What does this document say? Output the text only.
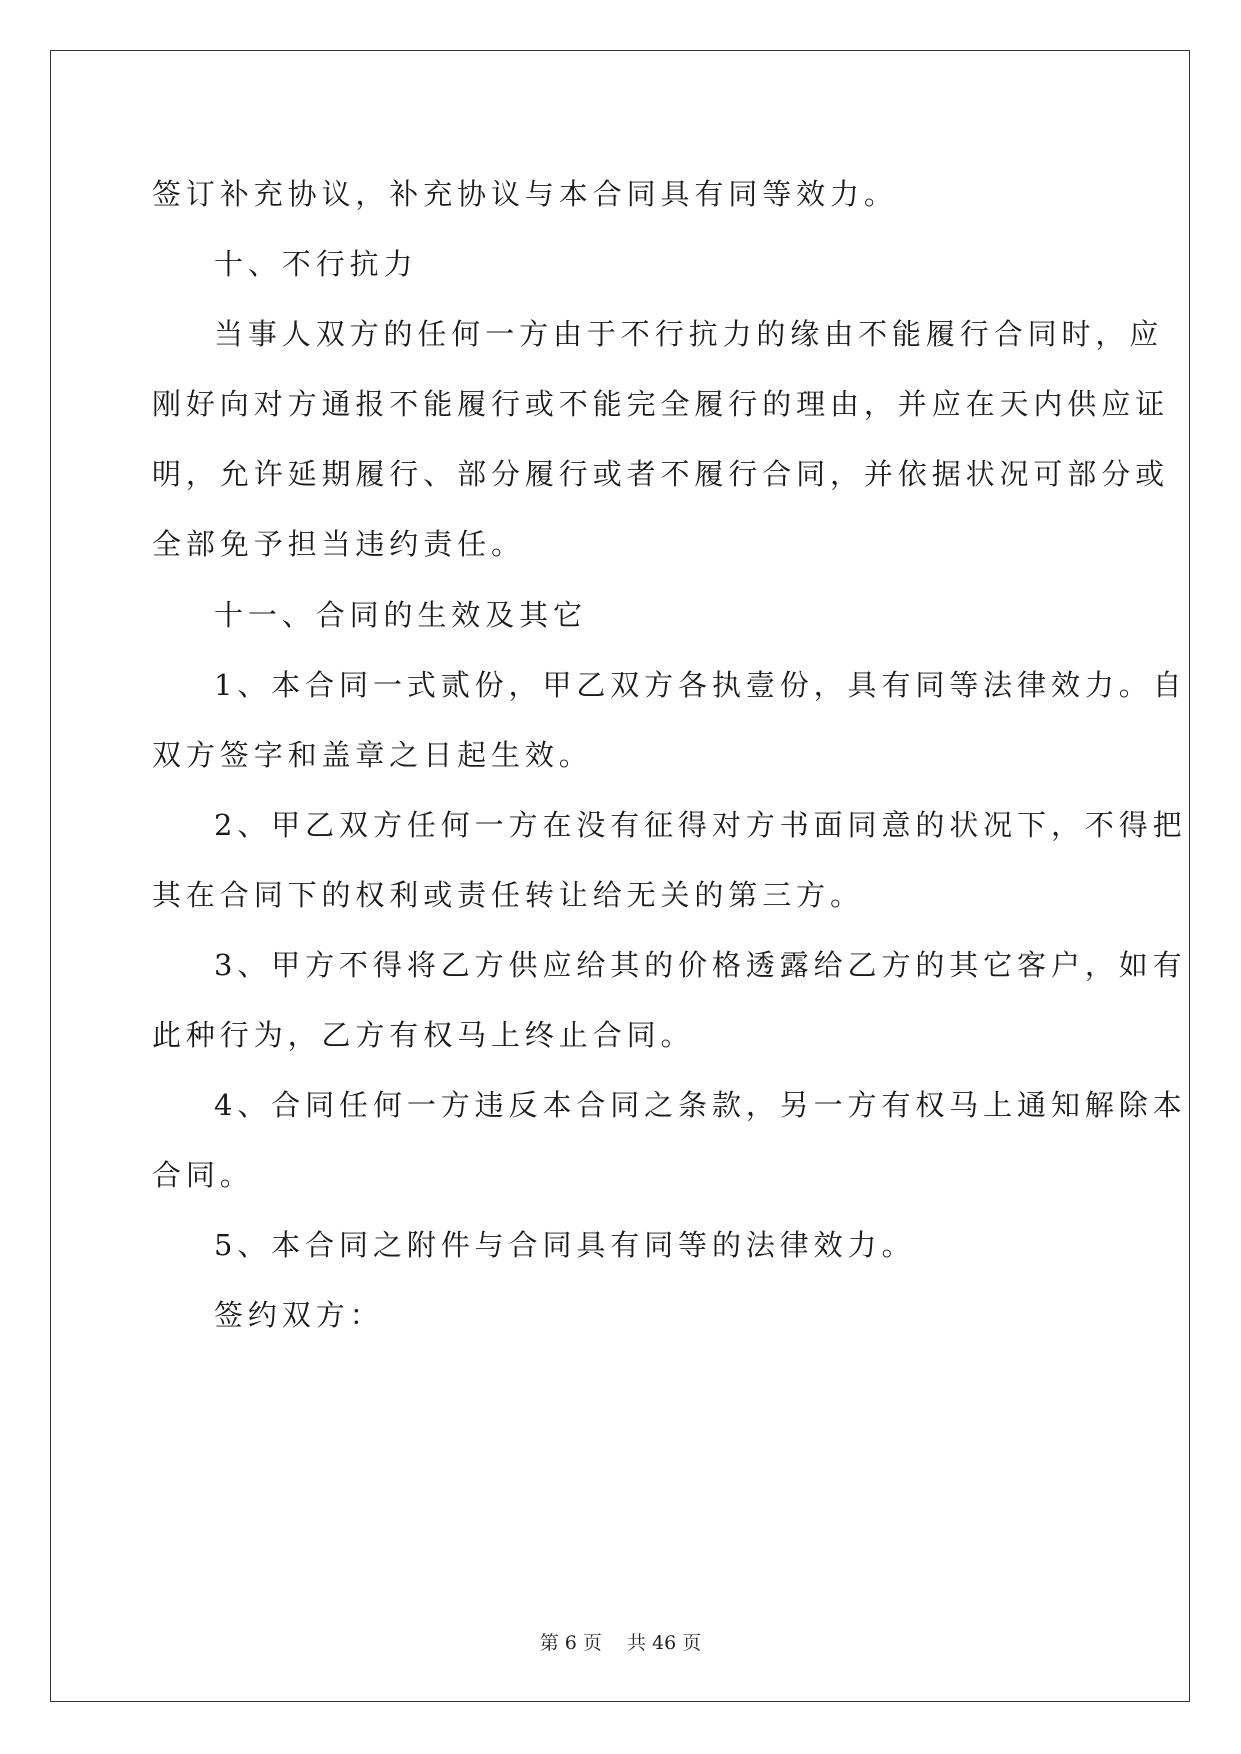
签订补充协议，补充协议与本合同具有同等效力。
十、不行抗力
当事人双方的任何一方由于不行抗力的缘由不能履行合同时，应
刚好向对方通报不能履行或不能完全履行的理由，并应在天内供应证
明，允许延期履行、部分履行或者不履行合同，并依据状况可部分或
全部免予担当违约责任。
十一、合同的生效及其它
1、本合同一式贰份，甲乙双方各执壹份，具有同等法律效力。自
双方签字和盖章之日起生效。
2、甲乙双方任何一方在没有征得对方书面同意的状况下，不得把
其在合同下的权利或责任转让给无关的第三方。
3、甲方不得将乙方供应给其的价格透露给乙方的其它客户，如有
此种行为，乙方有权马上终止合同。
4、合同任何一方违反本合同之条款，另一方有权马上通知解除本
合同。
5、本合同之附件与合同具有同等的法律效力。
签约双方：
第 6 页　 共 46 页
